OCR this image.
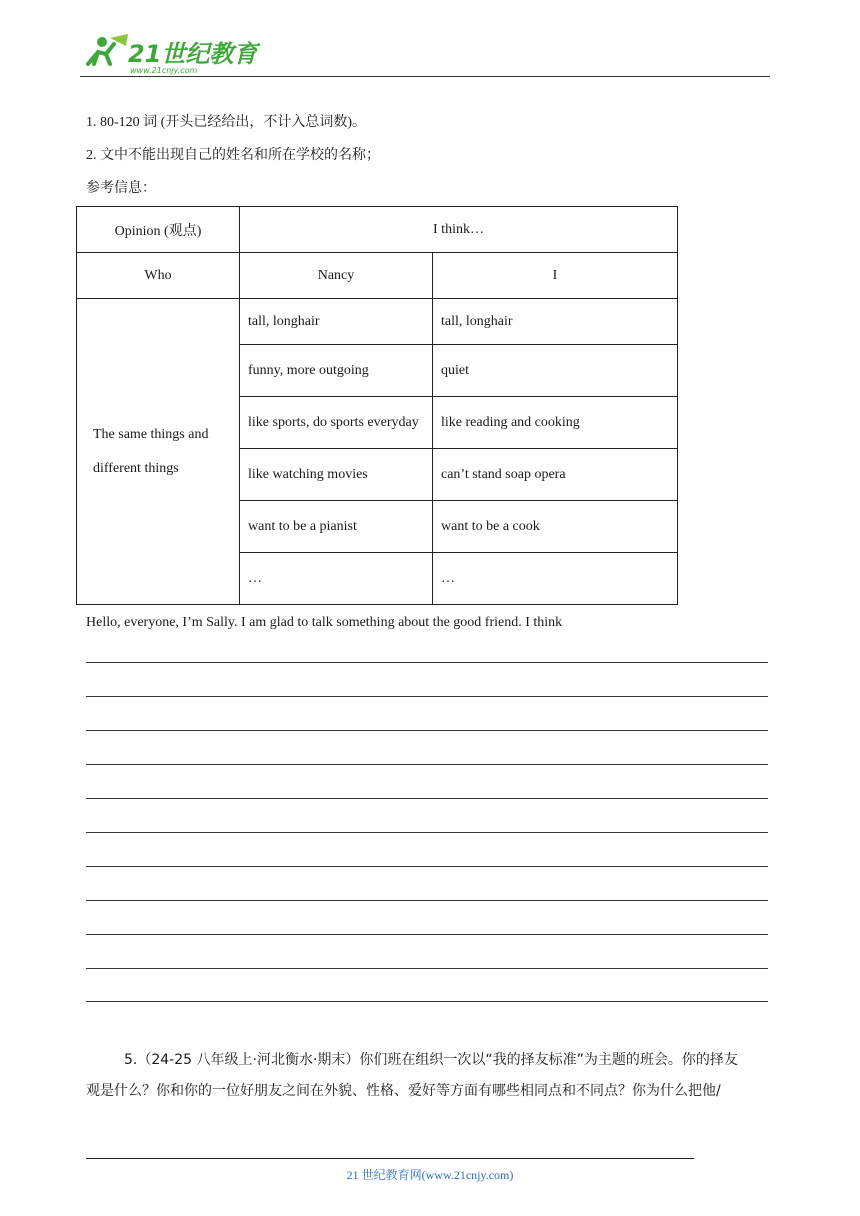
21世纪教育
www.21cnjy.com
1. 80-120 词 (开头已经给出，不计入总词数)。
2. 文中不能出现自己的姓名和所在学校的名称；
参考信息：
Opinion (观点)	I think…	
Who	Nancy	I

The same things and
different things	tall, longhair	tall, longhair
	funny, more outgoing	quiet
	like sports, do sports everyday	like reading and cooking
	like watching movies	can’t stand soap opera
	want to be a pianist	want to be a cook
	…	…
Hello, everyone, I’m Sally. I am glad to talk something about the good friend. I think
5.（24-25 八年级上·河北衡水·期末）你们班在组织一次以“我的择友标准”为主题的班会。你的择友
观是什么？你和你的一位好朋友之间在外貌、性格、爱好等方面有哪些相同点和不同点？你为什么把他/
21 世纪教育网(www.21cnjy.com)
